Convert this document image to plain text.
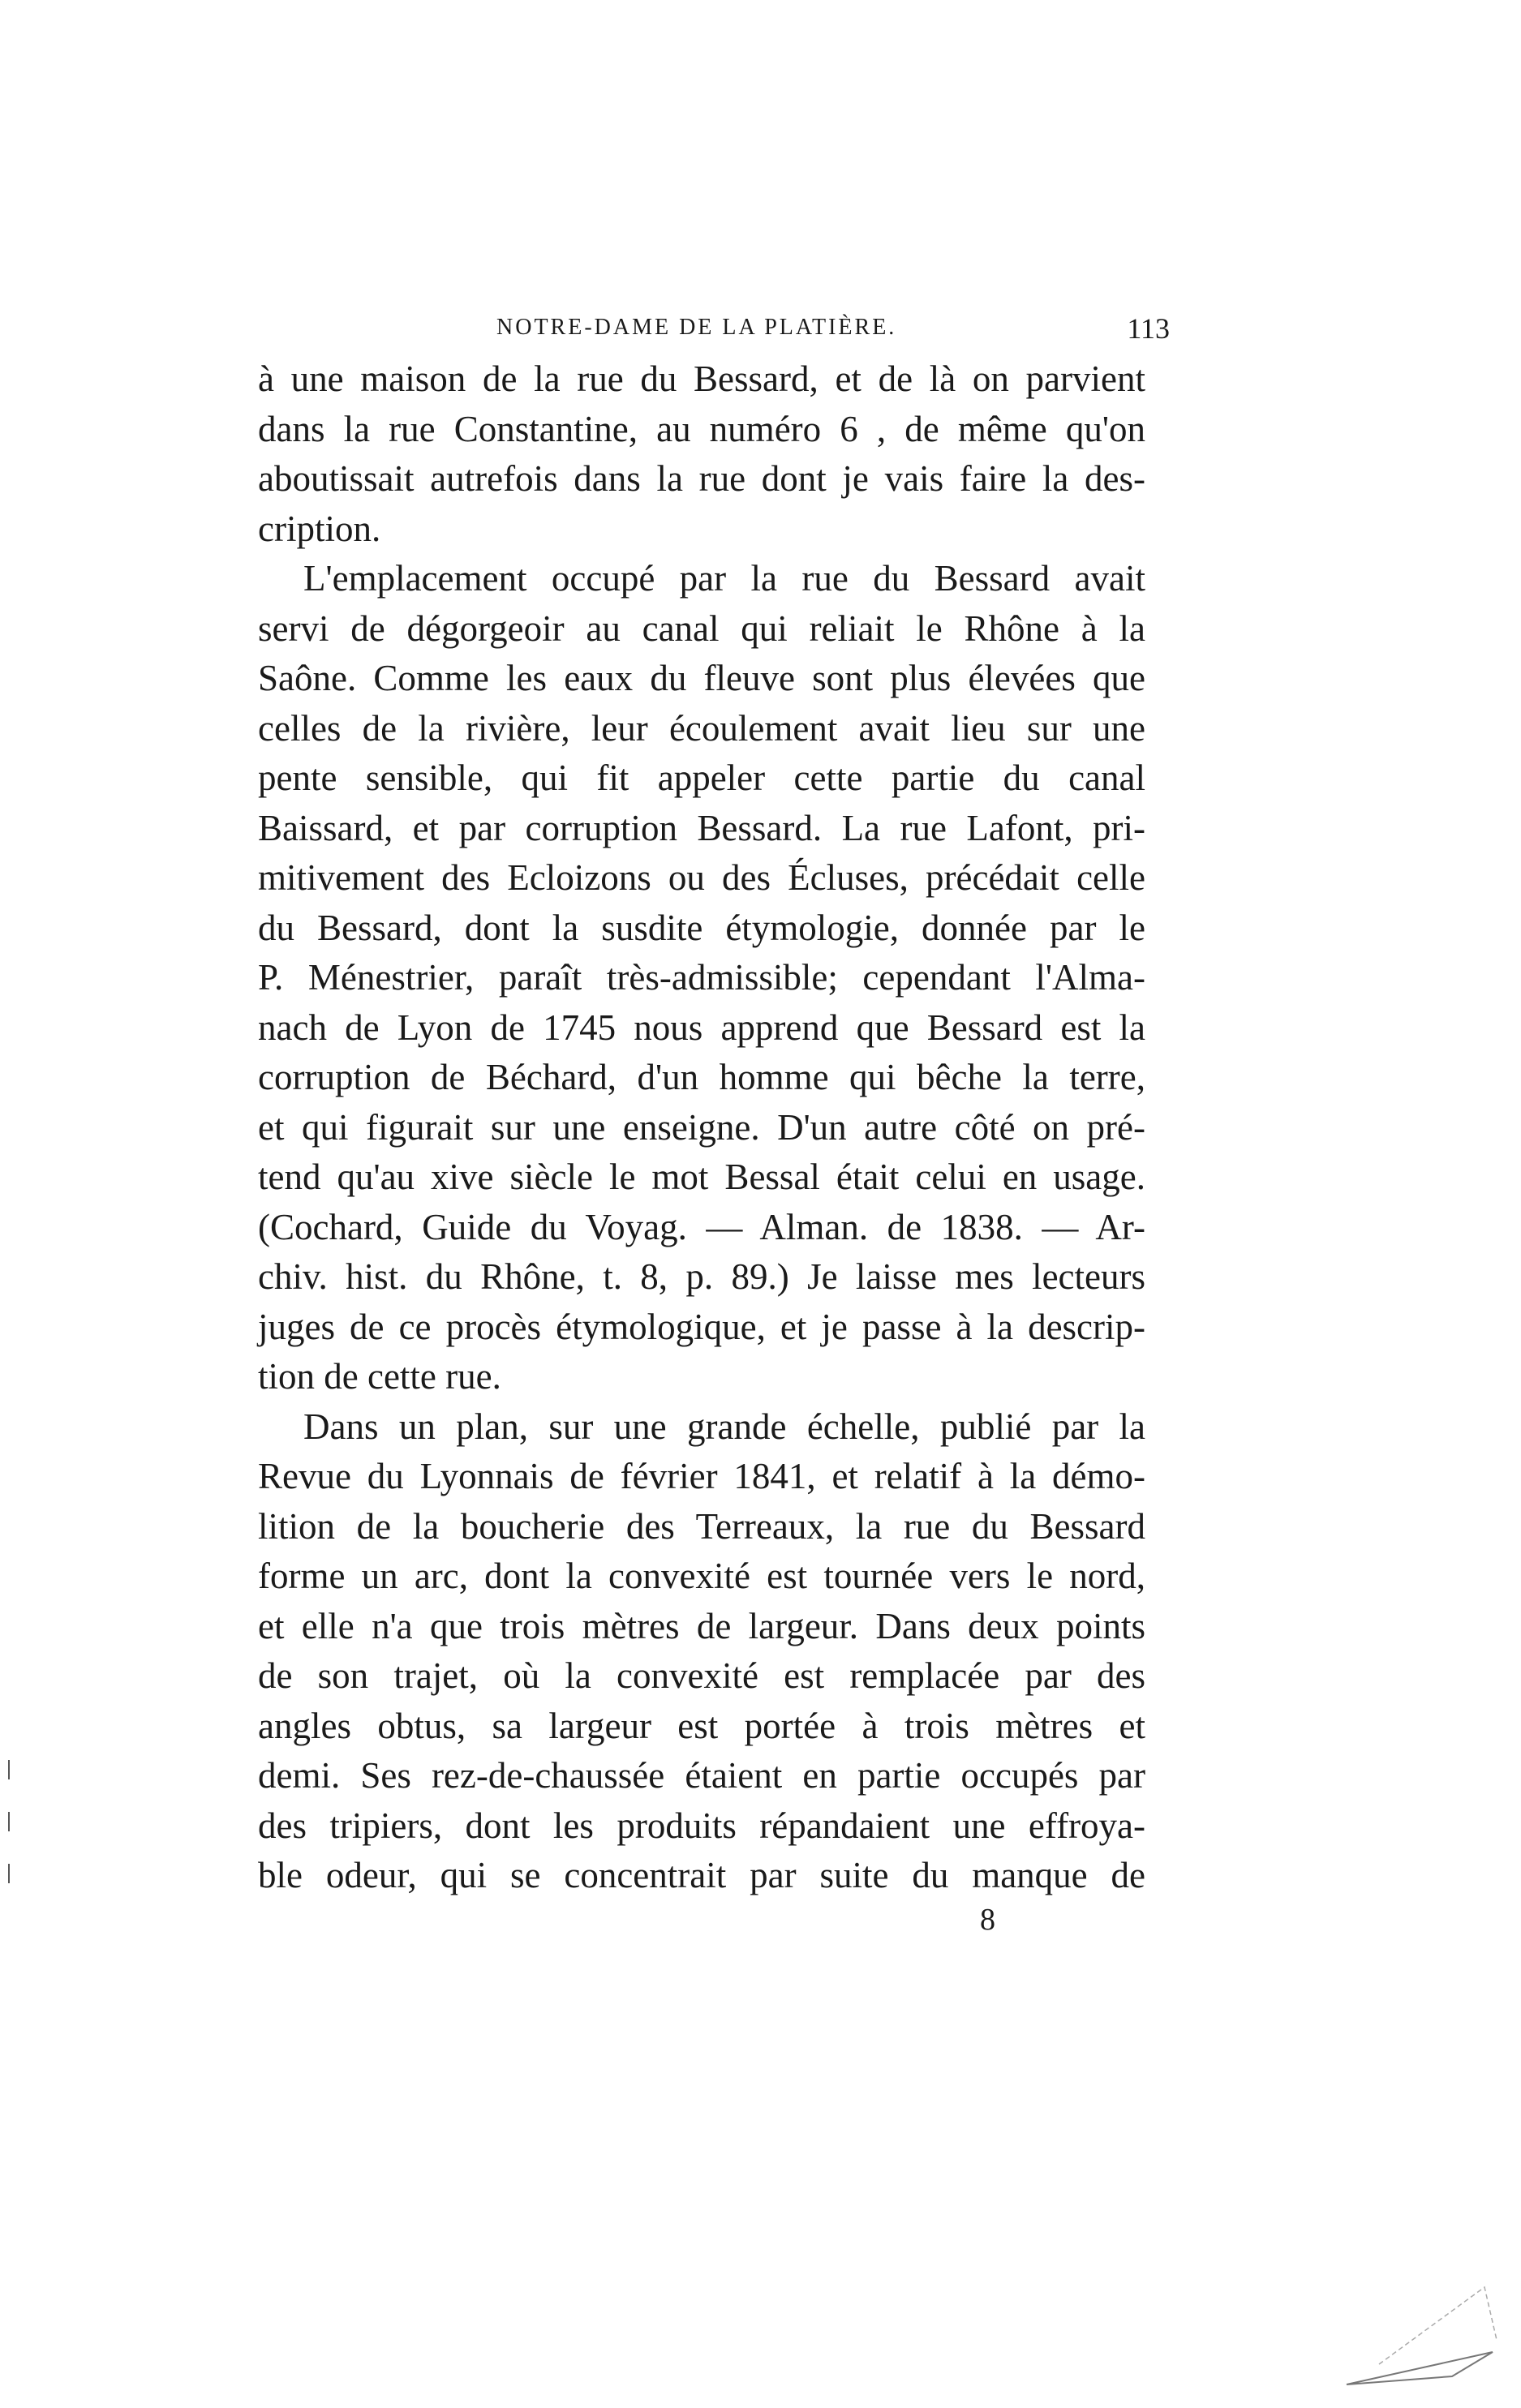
NOTRE-DAME DE LA PLATIÈRE.	113
à une maison de la rue du Bessard, et de là on parvient
dans la rue Constantine, au numéro 6 , de même qu'on
aboutissait autrefois dans la rue dont je vais faire la des-
cription.
L'emplacement occupé par la rue du Bessard avait
servi de dégorgeoir au canal qui reliait le Rhône à la
Saône. Comme les eaux du fleuve sont plus élevées que
celles de la rivière, leur écoulement avait lieu sur une
pente sensible, qui fit appeler cette partie du canal
Baissard, et par corruption Bessard. La rue Lafont, pri-
mitivement des Ecloizons ou des Écluses, précédait celle
du Bessard, dont la susdite étymologie, donnée par le
P. Ménestrier, paraît très-admissible; cependant l'Alma-
nach de Lyon de 1745 nous apprend que Bessard est la
corruption de Béchard, d'un homme qui bêche la terre,
et qui figurait sur une enseigne. D'un autre côté on pré-
tend qu'au xive siècle le mot Bessal était celui en usage.
(Cochard, Guide du Voyag. — Alman. de 1838. — Ar-
chiv. hist. du Rhône, t. 8, p. 89.) Je laisse mes lecteurs
juges de ce procès étymologique, et je passe à la descrip-
tion de cette rue.
Dans un plan, sur une grande échelle, publié par la
Revue du Lyonnais de février 1841, et relatif à la démo-
lition de la boucherie des Terreaux, la rue du Bessard
forme un arc, dont la convexité est tournée vers le nord,
et elle n'a que trois mètres de largeur. Dans deux points
de son trajet, où la convexité est remplacée par des
angles obtus, sa largeur est portée à trois mètres et
demi. Ses rez-de-chaussée étaient en partie occupés par
des tripiers, dont les produits répandaient une effroya-
ble odeur, qui se concentrait par suite du manque de
8
